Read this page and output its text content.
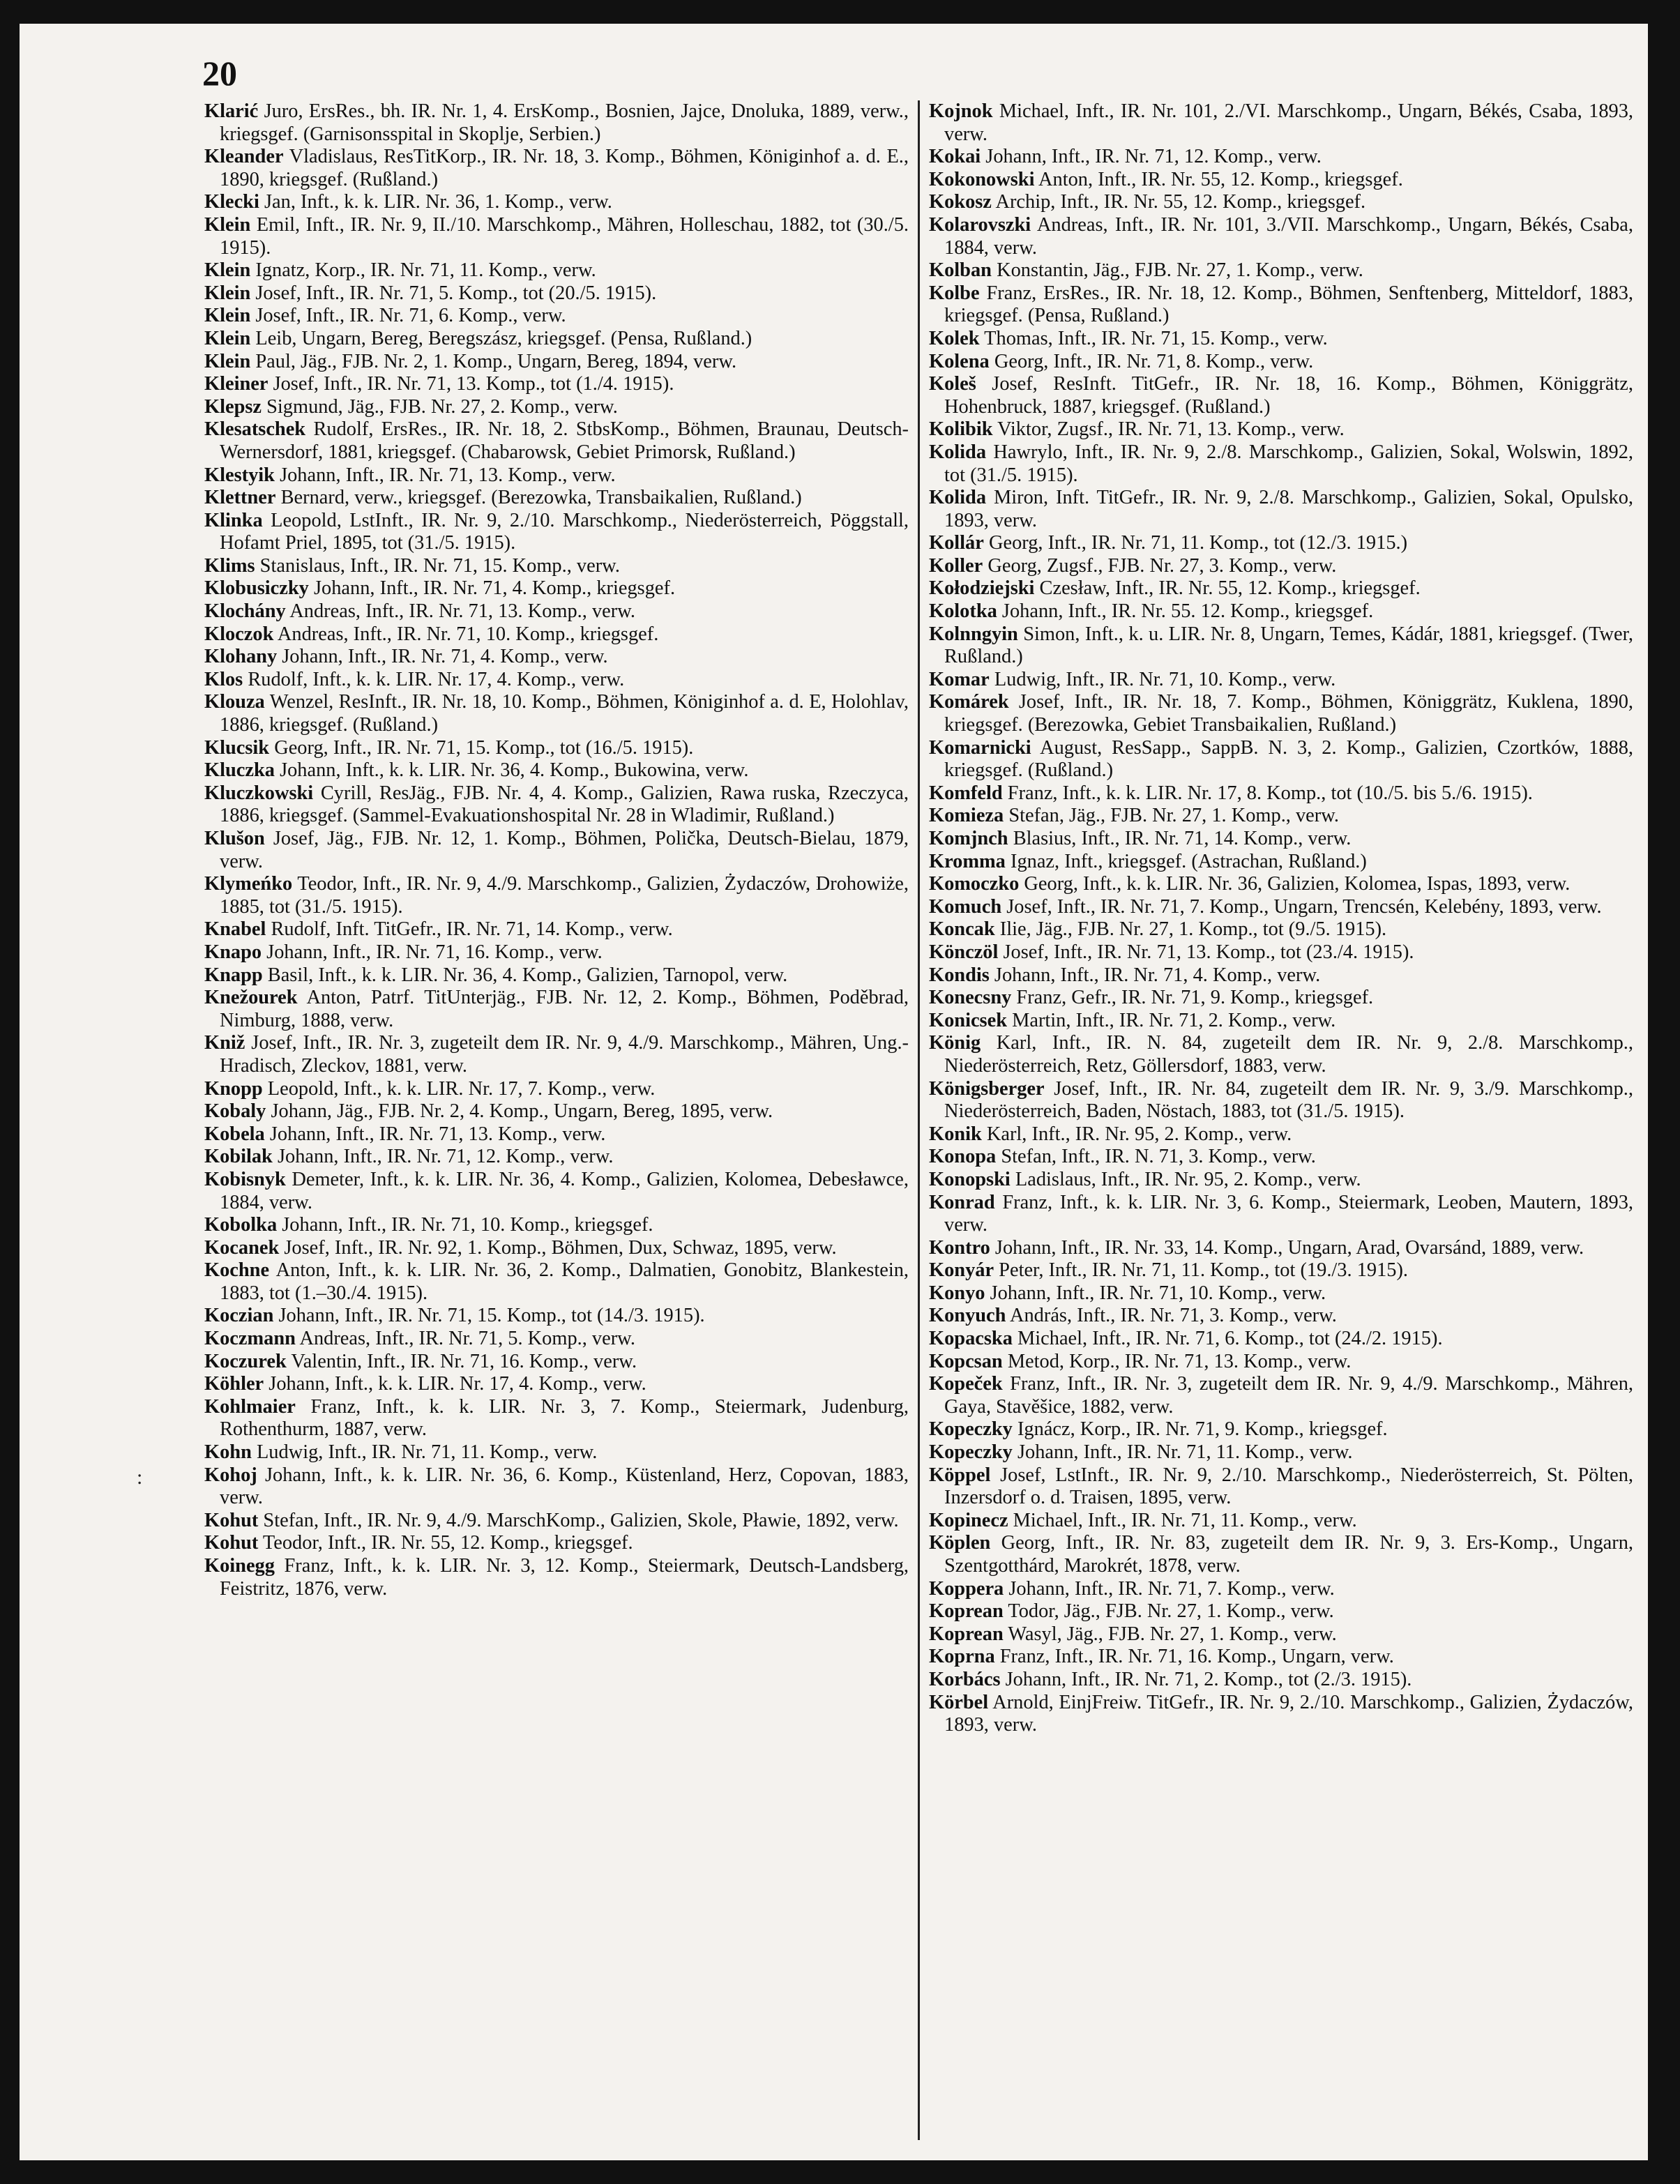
20
:

Klarić Juro, ErsRes., bh. IR. Nr. 1, 4. ErsKomp., Bosnien, Jajce, Dnoluka, 1889, verw., kriegsgef. (Garnisonsspital in Skoplje, Serbien.)

Kleander Vladislaus, ResTitKorp., IR. Nr. 18, 3. Komp., Böhmen, Königinhof a. d. E., 1890, kriegsgef. (Rußland.)

Klecki Jan, Inft., k. k. LIR. Nr. 36, 1. Komp., verw.

Klein Emil, Inft., IR. Nr. 9, II./10. Marschkomp., Mähren, Holleschau, 1882, tot (30./5. 1915).

Klein Ignatz, Korp., IR. Nr. 71, 11. Komp., verw.

Klein Josef, Inft., IR. Nr. 71, 5. Komp., tot (20./5. 1915).

Klein Josef, Inft., IR. Nr. 71, 6. Komp., verw.

Klein Leib, Ungarn, Bereg, Beregszász, kriegsgef. (Pensa, Rußland.)

Klein Paul, Jäg., FJB. Nr. 2, 1. Komp., Ungarn, Bereg, 1894, verw.

Kleiner Josef, Inft., IR. Nr. 71, 13. Komp., tot (1./4. 1915).

Klepsz Sigmund, Jäg., FJB. Nr. 27, 2. Komp., verw.

Klesatschek Rudolf, ErsRes., IR. Nr. 18, 2. StbsKomp., Böhmen, Braunau, Deutsch-Wernersdorf, 1881, kriegsgef. (Chabarowsk, Gebiet Primorsk, Rußland.)

Klestyik Johann, Inft., IR. Nr. 71, 13. Komp., verw.

Klettner Bernard, verw., kriegsgef. (Berezowka, Transbaikalien, Rußland.)

Klinka Leopold, LstInft., IR. Nr. 9, 2./10. Marschkomp., Niederösterreich, Pöggstall, Hofamt Priel, 1895, tot (31./5. 1915).

Klims Stanislaus, Inft., IR. Nr. 71, 15. Komp., verw.

Klobusiczky Johann, Inft., IR. Nr. 71, 4. Komp., kriegsgef.

Klochány Andreas, Inft., IR. Nr. 71, 13. Komp., verw.

Kloczok Andreas, Inft., IR. Nr. 71, 10. Komp., kriegsgef.

Klohany Johann, Inft., IR. Nr. 71, 4. Komp., verw.

Klos Rudolf, Inft., k. k. LIR. Nr. 17, 4. Komp., verw.

Klouza Wenzel, ResInft., IR. Nr. 18, 10. Komp., Böhmen, Königinhof a. d. E, Holohlav, 1886, kriegsgef. (Rußland.)

Klucsik Georg, Inft., IR. Nr. 71, 15. Komp., tot (16./5. 1915).

Kluczka Johann, Inft., k. k. LIR. Nr. 36, 4. Komp., Bukowina, verw.

Kluczkowski Cyrill, ResJäg., FJB. Nr. 4, 4. Komp., Galizien, Rawa ruska, Rzeczyca, 1886, kriegsgef. (Sammel-Evakuationshospital Nr. 28 in Wladimir, Rußland.)

Klušon Josef, Jäg., FJB. Nr. 12, 1. Komp., Böhmen, Polička, Deutsch-Bielau, 1879, verw.

Klymeńko Teodor, Inft., IR. Nr. 9, 4./9. Marschkomp., Galizien, Żydaczów, Drohowiże, 1885, tot (31./5. 1915).

Knabel Rudolf, Inft. TitGefr., IR. Nr. 71, 14. Komp., verw.

Knapo Johann, Inft., IR. Nr. 71, 16. Komp., verw.

Knapp Basil, Inft., k. k. LIR. Nr. 36, 4. Komp., Galizien, Tarnopol, verw.

Knežourek Anton, Patrf. TitUnterjäg., FJB. Nr. 12, 2. Komp., Böhmen, Poděbrad, Nimburg, 1888, verw.

Kniž Josef, Inft., IR. Nr. 3, zugeteilt dem IR. Nr. 9, 4./9. Marschkomp., Mähren, Ung.-Hradisch, Zleckov, 1881, verw.

Knopp Leopold, Inft., k. k. LIR. Nr. 17, 7. Komp., verw.

Kobaly Johann, Jäg., FJB. Nr. 2, 4. Komp., Ungarn, Bereg, 1895, verw.

Kobela Johann, Inft., IR. Nr. 71, 13. Komp., verw.

Kobilak Johann, Inft., IR. Nr. 71, 12. Komp., verw.

Kobisnyk Demeter, Inft., k. k. LIR. Nr. 36, 4. Komp., Galizien, Kolomea, Debesławce, 1884, verw.

Kobolka Johann, Inft., IR. Nr. 71, 10. Komp., kriegsgef.

Kocanek Josef, Inft., IR. Nr. 92, 1. Komp., Böhmen, Dux, Schwaz, 1895, verw.

Kochne Anton, Inft., k. k. LIR. Nr. 36, 2. Komp., Dalmatien, Gonobitz, Blankestein, 1883, tot (1.–30./4. 1915).

Koczian Johann, Inft., IR. Nr. 71, 15. Komp., tot (14./3. 1915).

Koczmann Andreas, Inft., IR. Nr. 71, 5. Komp., verw.

Koczurek Valentin, Inft., IR. Nr. 71, 16. Komp., verw.

Köhler Johann, Inft., k. k. LIR. Nr. 17, 4. Komp., verw.

Kohlmaier Franz, Inft., k. k. LIR. Nr. 3, 7. Komp., Steiermark, Judenburg, Rothenthurm, 1887, verw.

Kohn Ludwig, Inft., IR. Nr. 71, 11. Komp., verw.

Kohoj Johann, Inft., k. k. LIR. Nr. 36, 6. Komp., Küstenland, Herz, Copovan, 1883, verw.

Kohut Stefan, Inft., IR. Nr. 9, 4./9. MarschKomp., Galizien, Skole, Pławie, 1892, verw.

Kohut Teodor, Inft., IR. Nr. 55, 12. Komp., kriegsgef.

Koinegg Franz, Inft., k. k. LIR. Nr. 3, 12. Komp., Steiermark, Deutsch-Landsberg, Feistritz, 1876, verw.

Kojnok Michael, Inft., IR. Nr. 101, 2./VI. Marschkomp., Ungarn, Békés, Csaba, 1893, verw.

Kokai Johann, Inft., IR. Nr. 71, 12. Komp., verw.

Kokonowski Anton, Inft., IR. Nr. 55, 12. Komp., kriegsgef.

Kokosz Archip, Inft., IR. Nr. 55, 12. Komp., kriegsgef.

Kolarovszki Andreas, Inft., IR. Nr. 101, 3./VII. Marschkomp., Ungarn, Békés, Csaba, 1884, verw.

Kolban Konstantin, Jäg., FJB. Nr. 27, 1. Komp., verw.

Kolbe Franz, ErsRes., IR. Nr. 18, 12. Komp., Böhmen, Senftenberg, Mitteldorf, 1883, kriegsgef. (Pensa, Rußland.)

Kolek Thomas, Inft., IR. Nr. 71, 15. Komp., verw.

Kolena Georg, Inft., IR. Nr. 71, 8. Komp., verw.

Koleš Josef, ResInft. TitGefr., IR. Nr. 18, 16. Komp., Böhmen, Königgrätz, Hohenbruck, 1887, kriegsgef. (Rußland.)

Kolibik Viktor, Zugsf., IR. Nr. 71, 13. Komp., verw.

Kolida Hawrylo, Inft., IR. Nr. 9, 2./8. Marschkomp., Galizien, Sokal, Wolswin, 1892, tot (31./5. 1915).

Kolida Miron, Inft. TitGefr., IR. Nr. 9, 2./8. Marschkomp., Galizien, Sokal, Opulsko, 1893, verw.

Kollár Georg, Inft., IR. Nr. 71, 11. Komp., tot (12./3. 1915.)

Koller Georg, Zugsf., FJB. Nr. 27, 3. Komp., verw.

Kołodziejski Czesław, Inft., IR. Nr. 55, 12. Komp., kriegsgef.

Kolotka Johann, Inft., IR. Nr. 55. 12. Komp., kriegsgef.

Kolnngyin Simon, Inft., k. u. LIR. Nr. 8, Ungarn, Temes, Kádár, 1881, kriegsgef. (Twer, Rußland.)

Komar Ludwig, Inft., IR. Nr. 71, 10. Komp., verw.

Komárek Josef, Inft., IR. Nr. 18, 7. Komp., Böhmen, Königgrätz, Kuklena, 1890, kriegsgef. (Berezowka, Gebiet Transbaikalien, Rußland.)

Komarnicki August, ResSapp., SappB. N. 3, 2. Komp., Galizien, Czortków, 1888, kriegsgef. (Rußland.)

Komfeld Franz, Inft., k. k. LIR. Nr. 17, 8. Komp., tot (10./5. bis 5./6. 1915).

Komieza Stefan, Jäg., FJB. Nr. 27, 1. Komp., verw.

Komjnch Blasius, Inft., IR. Nr. 71, 14. Komp., verw.

Kromma Ignaz, Inft., kriegsgef. (Astrachan, Rußland.)

Komoczko Georg, Inft., k. k. LIR. Nr. 36, Galizien, Kolomea, Ispas, 1893, verw.

Komuch Josef, Inft., IR. Nr. 71, 7. Komp., Ungarn, Trencsén, Kelebény, 1893, verw.

Koncak Ilie, Jäg., FJB. Nr. 27, 1. Komp., tot (9./5. 1915).

Könczöl Josef, Inft., IR. Nr. 71, 13. Komp., tot (23./4. 1915).

Kondis Johann, Inft., IR. Nr. 71, 4. Komp., verw.

Konecsny Franz, Gefr., IR. Nr. 71, 9. Komp., kriegsgef.

Konicsek Martin, Inft., IR. Nr. 71, 2. Komp., verw.

König Karl, Inft., IR. N. 84, zugeteilt dem IR. Nr. 9, 2./8. Marschkomp., Niederösterreich, Retz, Göllersdorf, 1883, verw.

Königsberger Josef, Inft., IR. Nr. 84, zugeteilt dem IR. Nr. 9, 3./9. Marschkomp., Niederösterreich, Baden, Nöstach, 1883, tot (31./5. 1915).

Konik Karl, Inft., IR. Nr. 95, 2. Komp., verw.

Konopa Stefan, Inft., IR. N. 71, 3. Komp., verw.

Konopski Ladislaus, Inft., IR. Nr. 95, 2. Komp., verw.

Konrad Franz, Inft., k. k. LIR. Nr. 3, 6. Komp., Steiermark, Leoben, Mautern, 1893, verw.

Kontro Johann, Inft., IR. Nr. 33, 14. Komp., Ungarn, Arad, Ovarsánd, 1889, verw.

Konyár Peter, Inft., IR. Nr. 71, 11. Komp., tot (19./3. 1915).

Konyo Johann, Inft., IR. Nr. 71, 10. Komp., verw.

Konyuch András, Inft., IR. Nr. 71, 3. Komp., verw.

Kopacska Michael, Inft., IR. Nr. 71, 6. Komp., tot (24./2. 1915).

Kopcsan Metod, Korp., IR. Nr. 71, 13. Komp., verw.

Kopeček Franz, Inft., IR. Nr. 3, zugeteilt dem IR. Nr. 9, 4./9. Marschkomp., Mähren, Gaya, Stavěšice, 1882, verw.

Kopeczky Ignácz, Korp., IR. Nr. 71, 9. Komp., kriegsgef.

Kopeczky Johann, Inft., IR. Nr. 71, 11. Komp., verw.

Köppel Josef, LstInft., IR. Nr. 9, 2./10. Marschkomp., Niederösterreich, St. Pölten, Inzersdorf o. d. Traisen, 1895, verw.

Kopinecz Michael, Inft., IR. Nr. 71, 11. Komp., verw.

Köplen Georg, Inft., IR. Nr. 83, zugeteilt dem IR. Nr. 9, 3. Ers-Komp., Ungarn, Szentgotthárd, Marokrét, 1878, verw.

Koppera Johann, Inft., IR. Nr. 71, 7. Komp., verw.

Koprean Todor, Jäg., FJB. Nr. 27, 1. Komp., verw.

Koprean Wasyl, Jäg., FJB. Nr. 27, 1. Komp., verw.

Koprna Franz, Inft., IR. Nr. 71, 16. Komp., Ungarn, verw.

Korbács Johann, Inft., IR. Nr. 71, 2. Komp., tot (2./3. 1915).

Körbel Arnold, EinjFreiw. TitGefr., IR. Nr. 9, 2./10. Marschkomp., Galizien, Żydaczów, 1893, verw.
